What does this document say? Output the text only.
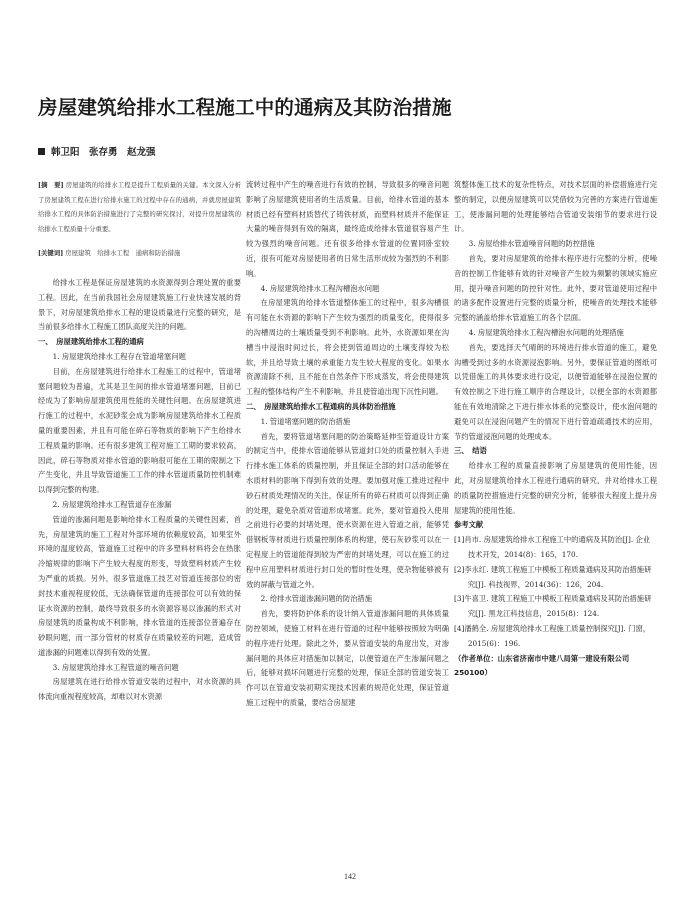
房屋建筑给排水工程施工中的通病及其防治措施
韩卫阳　张存勇　赵龙强

[摘　要] 房屋建筑的给排水工程是提升工程质量的关键。本文深入分析了房屋建筑工程在进行给排水施工的过程中存在的通病，并就房屋建筑给排水工程的具体防治措施进行了完整的研究探讨，对提升房屋建筑的给排水工程质量十分重要。

[关键词] 房屋建筑　给排水工程　通病和防治措施

给排水工程是保证房屋建筑的水资源得到合理处置的重要工程。因此，在当前我国社会房屋建筑施工行业快速发展的背景下，对房屋建筑给排水工程的建设质量进行完整的研究，是当前很多给排水工程施工团队高度关注的问题。

一、　房屋建筑给排水工程的通病

1. 房屋建筑给排水工程存在管道堵塞问题

目前，在房屋建筑进行给排水工程施工的过程中，管道堵塞问题较为普遍，尤其是卫生间的排水管道堵塞问题，目前已经成为了影响房屋建筑使用性能的关键性问题。在房屋建筑进行施工的过程中，水泥砂浆会成为影响房屋建筑给排水工程质量的重要因素，并且有可能在碎石等物质的影响下产生给排水工程质量的影响。还有很多建筑工程对施工工期的要求较高，因此，碎石等物质对排水管道的影响很可能在工期的限制之下产生变化，并且导致管道施工工作的排水管道质量防控机制难以得到完整的构建。

2. 房屋建筑给排水工程管道存在渗漏

管道的渗漏问题是影响给排水工程质量的关键性因素，首先，房屋建筑的施工工程对外部环境的依赖度较高，如果室外环境的温度较高，管道施工过程中的许多塑料材料将会在热胀冷缩规律的影响下产生较大程度的形变，导致塑料材质产生较为严重的质损。另外，很多管道施工技艺对管道连接部位的密封技术重视程度较低，无法确保管道的连接部位可以有效的保证水资源的控制，最终导致很多的水资源容易以渗漏的形式对房屋建筑的质量构成不利影响，排水管道的连接部位普遍存在砂眼问题，而一部分管材的材质存在质量较差的问题，造成管道渗漏的问题难以得到有效的处置。

3. 房屋建筑给排水工程管道的噪音问题

房屋建筑在进行给排水管道安装的过程中，对水资源的具体流向重视程度较高，却难以对水资源

流转过程中产生的噪音进行有效的控制，导致很多的噪音问题影响了房屋建筑使用者的生活质量。目前，给排水管道的基本材质已经有塑料材质替代了铸铁材质，而塑料材质并不能保证大量的噪音得到有效的隔离，最终造成给排水管道很容易产生较为强烈的噪音问题。还有很多给排水管道的位置同卧室较近，很有可能对房屋使用者的日常生活形成较为强烈的不利影响。

4. 房屋建筑给排水工程沟槽泡水问题

在房屋建筑的给排水管道整体施工的过程中，很多沟槽很有可能在水资源的影响下产生较为强烈的质量变化，使得很多的沟槽周边的土壤质量受到不利影响。此外，水资源如果在沟槽当中浸泡时间过长，将会使到管道周边的土壤变得较为松软，并且给导致土壤的承重能力发生较大程度的变化。如果水资源清除不利，且不能在自然条件下形成蒸发，将会使得建筑工程的整体结构产生不利影响，并且使管道出现下沉性问题。

二、　房屋建筑给排水工程通病的具体防治措施

1. 管道堵塞问题的防治措施

首先，要将管道堵塞问题的防治策略延伸至管道设计方案的制定当中，使排水管道能够从管道封口处的质量控制入手进行排水施工体系的质量控制，并且保证全部的封口活动能够在水质材料的影响下得到有效的处理。要加强对施工推进过程中砂石材质处理情况的关注，保证所有的碎石材质可以得到正确的处理，避免杂质对管道形成堵塞。此外，要对管道投入使用之前进行必要的封堵处理，使水资源在进入管道之前，能够凭借钢板等材质进行质量控制体系的构建，使石灰砂浆可以在一定程度上的管道能得到较为严密的封堵处理，可以在施工的过程中应用塑料材质进行封口处的暂时性处理，使杂物能够被有效的屏蔽与管道之外。

2. 给排水管道渗漏问题的防治措施

首先，要将防护体系的设计纳入管道渗漏问题的具体质量防控领域，使施工材料在进行管道的过程中能够按照较为明确的程序进行处理。除此之外，要从管道安装的角度出发，对渗漏问题的具体应对措施加以制定，以便管道在产生渗漏问题之后，能够对损坏问题进行完整的处理，保证全部的管道安装工作可以在管道安装初期实现技术因素的规范化处理，保证管道施工过程中的质量，要结合房屋建

筑整体施工技术的复杂性特点，对技术层面的补偿措施进行完整的制定，以便房屋建筑可以凭借较为完善的方案进行管道施工，使渗漏问题的处理能够结合管道安装细节的要求进行设计。

3. 房屋给排水管道噪音问题的防控措施

首先，要对房屋建筑的给排水程序进行完整的分析，使噪音的控制工作能够有效的针对噪音产生较为频繁的领域实施应用，提升噪音问题的防控针对性。此外，要对管道使用过程中的诸多配件设置进行完整的质量分析，使噪音的处理技术能够完整的涵盖给排水管道施工的各个层面。

4. 房屋建筑给排水工程沟槽泡水问题的处理措施

首先，要选择天气晴朗的环境进行排水管道的施工，避免沟槽受到过多的水资源浸泡影响。另外，要保证管道的图纸可以凭借施工的具体要求进行设定，以便管道能够在浸泡位置的有效控制之下进行施工顺序的合理设计，以便全部的水资源都能在有效地清除之下进行排水体系的完整设计，使水泡问题的避免可以在浸泡问题产生的情况下进行管道疏通技术的应用，节约管道浸泡问题的处理成本。

三、　结语

给排水工程的质量直接影响了房屋建筑的使用性能，因此，对房屋建筑给排水工程进行通病的研究，并对给排水工程的质量防控措施进行完整的研究分析，能够很大程度上提升房屋建筑的使用性能。

参考文献

[1]肖市. 房屋建筑给排水工程施工中的通病及其防治[J]. 企业技术开发，2014(8)：165，170.

[2]李永红. 建筑工程施工中模板工程质量通病及其防治措施研究[J]. 科技视界，2014(36)：126，204.

[3]牛喜卫. 建筑工程施工中模板工程质量通病及其防治措施研究[J]. 黑龙江科技信息，2015(8)：124.

[4]潘鹤全. 房屋建筑给排水工程施工质量控制探究[J]. 门窗，2015(6)：196.

（作者单位：山东省济南市中建八局第一建设有限公司 250100）

142
